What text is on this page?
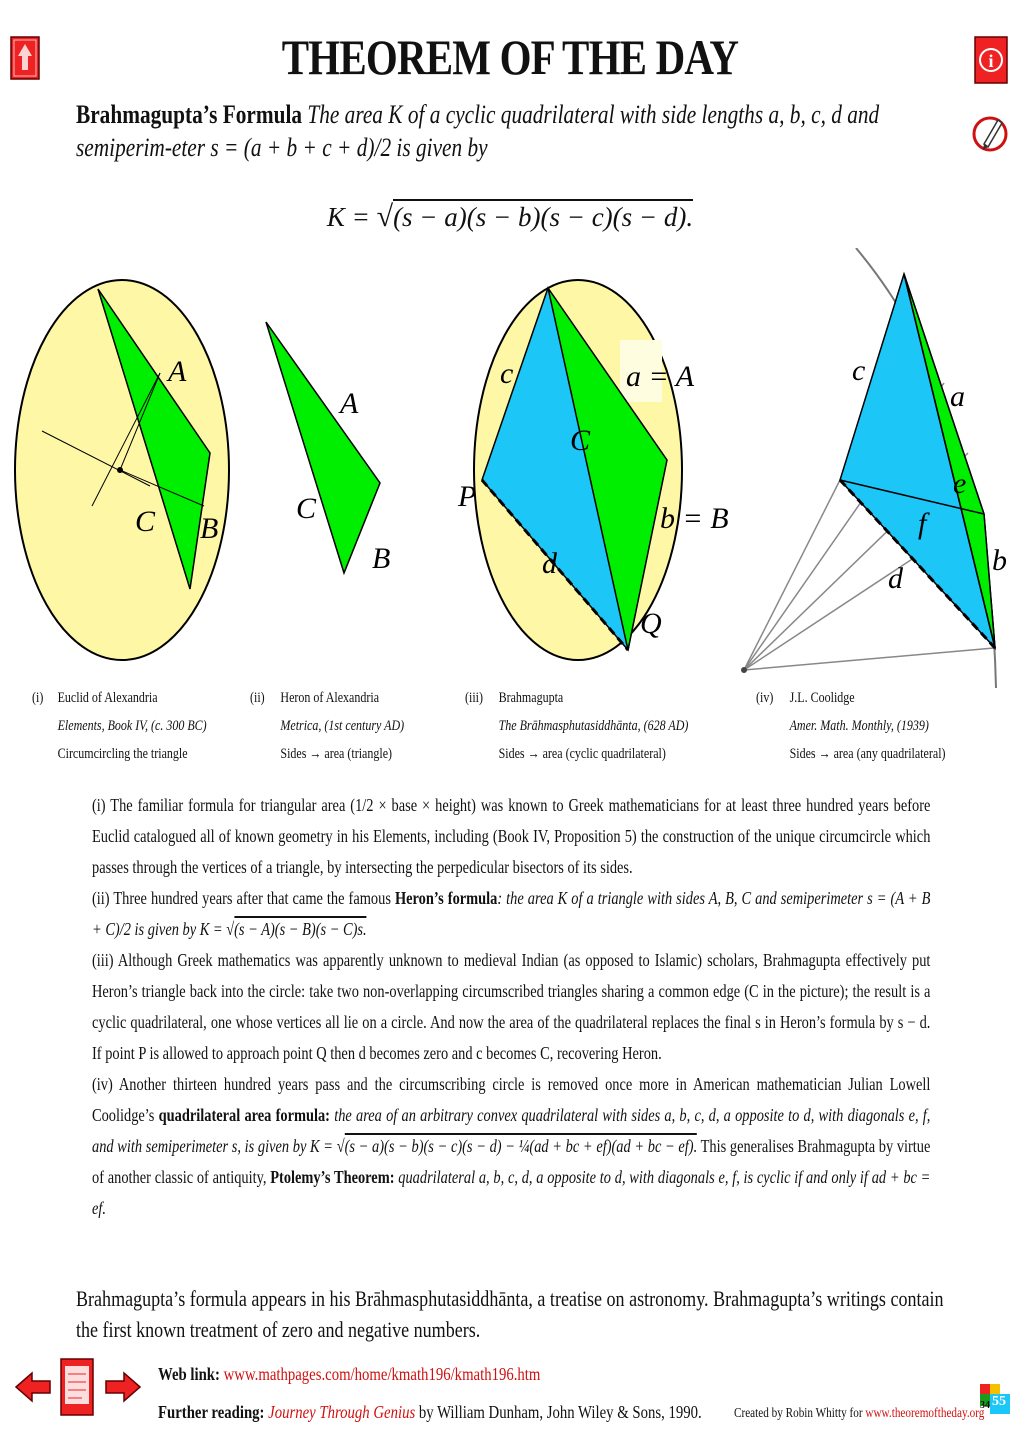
i
THEOREM OF THE DAY
Brahmagupta’s Formula The area K of a cyclic quadrilateral with side lengths a, b, c, d and semiperim-eter s = (a + b + c + d)/2 is given by
K = √(s − a)(s − b)(s − c)(s − d).
A
C B
A
C
B
c	a = A
C
P
b = B
d
Q
c
a
e
f
d
b
(i) Euclid of Alexandria
Elements, Book IV, (c. 300 BC)
Circumcircling the triangle
(ii) Heron of Alexandria
Metrica, (1st century AD)
Sides → area (triangle)
(iii) Brahmagupta
The Brāhmasphutasiddhānta, (628 AD)
Sides → area (cyclic quadrilateral)
(iv) J.L. Coolidge
Amer. Math. Monthly, (1939)
Sides → area (any quadrilateral)

(i) The familiar formula for triangular area (1/2 × base × height) was known to Greek mathematicians for at least three hundred years before Euclid catalogued all of known geometry in his Elements, including (Book IV, Proposition 5) the construction of the unique circumcircle which passes through the vertices of a triangle, by intersecting the perpedicular bisectors of its sides.

(ii) Three hundred years after that came the famous Heron’s formula: the area K of a triangle with sides A, B, C and semiperimeter s = (A + B + C)/2 is given by K = √(s − A)(s − B)(s − C)s.

(iii) Although Greek mathematics was apparently unknown to medieval Indian (as opposed to Islamic) scholars, Brahmagupta effectively put Heron’s triangle back into the circle: take two non-overlapping circumscribed triangles sharing a common edge (C in the picture); the result is a cyclic quadrilateral, one whose vertices all lie on a circle. And now the area of the quadrilateral replaces the final s in Heron’s formula by s − d. If point P is allowed to approach point Q then d becomes zero and c becomes C, recovering Heron.

(iv) Another thirteen hundred years pass and the circumscribing circle is removed once more in American mathematician Julian Lowell Coolidge’s quadrilateral area formula: the area of an arbitrary convex quadrilateral with sides a, b, c, d, a opposite to d, with diagonals e, f, and with semiperimeter s, is given by K = √(s − a)(s − b)(s − c)(s − d) − ¼(ad + bc + ef)(ad + bc − ef). This generalises Brahmagupta by virtue of another classic of antiquity, Ptolemy’s Theorem: quadrilateral a, b, c, d, a opposite to d, with diagonals e, f, is cyclic if and only if ad + bc = ef.

Brahmagupta’s formula appears in his Brāhmasphutasiddhānta, a treatise on astronomy. Brahmagupta’s writings contain the first known treatment of zero and negative numbers.
Web link: www.mathpages.com/home/kmath196/kmath196.htm
Further reading: Journey Through Genius by William Dunham, John Wiley & Sons, 1990. Created by Robin Whitty for www.theoremoftheday.org
34 55
